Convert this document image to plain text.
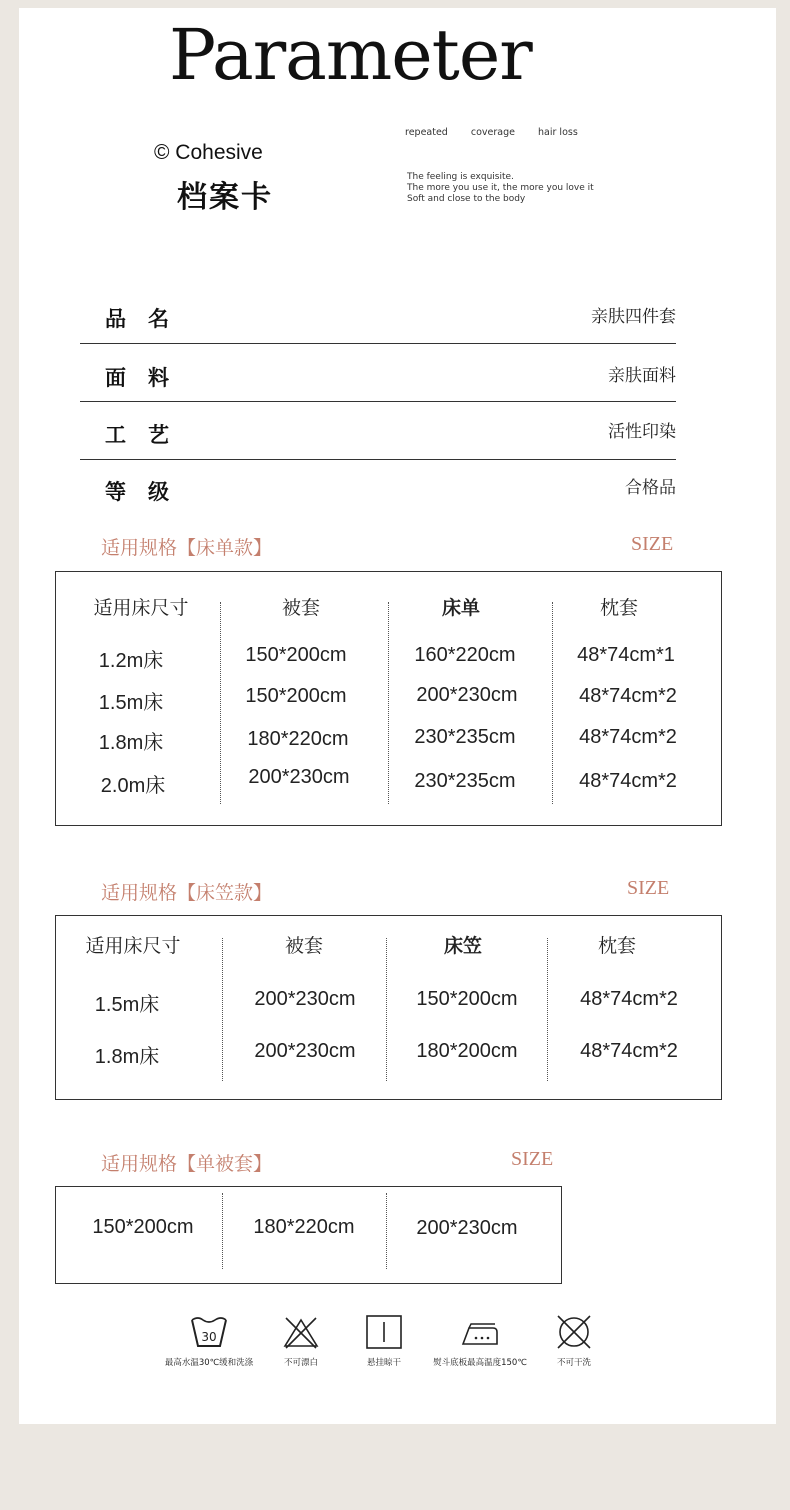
Parameter
© Cohesive
档案卡
repeated coverage hair loss
The feeling is exquisite.
The more you use it, the more you love it
Soft and close to the body
品名	亲肤四件套
面料	亲肤面料
工艺	活性印染
等级	合格品
适用规格【床单款】	SIZE
适用床尺寸	被套	床单	枕套
1.2m床	150*200cm	160*220cm	48*74cm*1
1.5m床	150*200cm	200*230cm	48*74cm*2
1.8m床	180*220cm	230*235cm	48*74cm*2
2.0m床	200*230cm	230*235cm	48*74cm*2
适用规格【床笠款】	SIZE
适用床尺寸	被套	床笠	枕套
1.5m床	200*230cm	150*200cm	48*74cm*2
1.8m床	200*230cm	180*200cm	48*74cm*2
适用规格【单被套】	SIZE
150*200cm	180*220cm	200*230cm
30
最高水温30℃缓和洗涤	不可漂白	悬挂晾干	熨斗底板最高温度150℃	不可干洗
